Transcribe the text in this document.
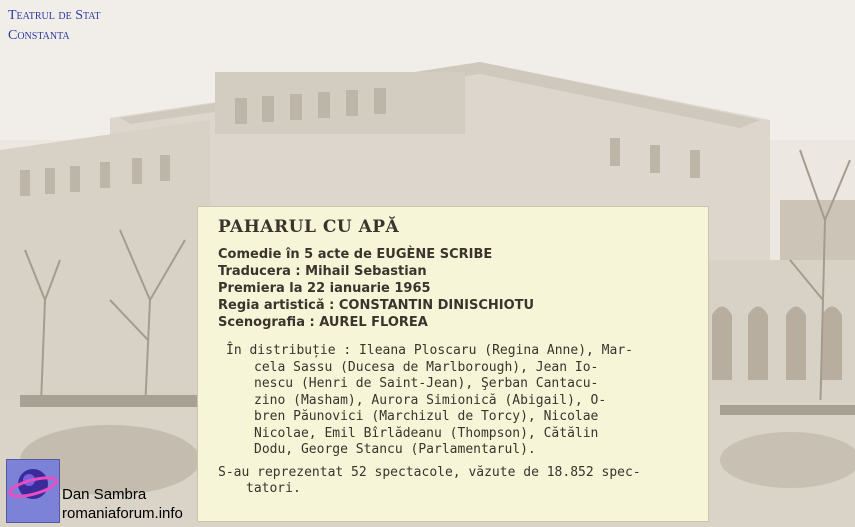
Teatrul de Stat
Constanta
PAHARUL CU APĂ
Comedie în 5 acte de EUGÈNE SCRIBE
Traducera : Mihail Sebastian
Premiera la 22 ianuarie 1965
Regia artistică : CONSTANTIN DINISCHIOTU
Scenografia : AUREL FLOREA
În distribuție : Ileana Ploscaru (Regina Anne), Mar-
cela Sassu (Ducesa de Marlborough), Jean Io-
nescu (Henri de Saint-Jean), Şerban Cantacu-
zino (Masham), Aurora Simionică (Abigail), O-
bren Păunovici (Marchizul de Torcy), Nicolae
Nicolae, Emil Bîrlădeanu (Thompson), Cătălin
Dodu, George Stancu (Parlamentarul).
S-au reprezentat 52 spectacole, văzute de 18.852 spec-
tatori.
Dan Sambra
romaniaforum.info
